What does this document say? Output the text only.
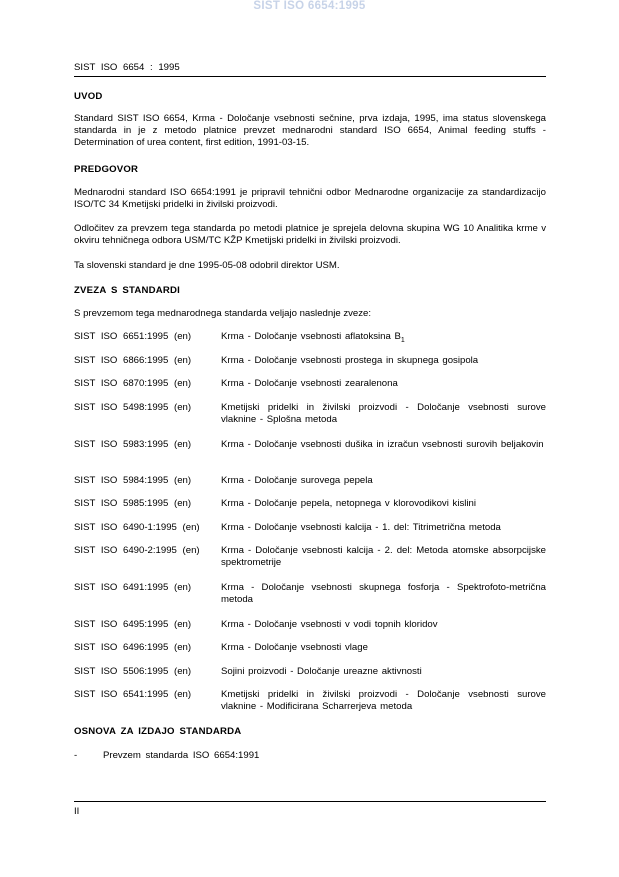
SIST ISO 6654:1995
SIST ISO 6654 : 1995
UVOD
Standard SIST ISO 6654, Krma - Določanje vsebnosti sečnine, prva izdaja, 1995, ima status slovenskega standarda in je z metodo platnice prevzet mednarodni standard ISO 6654, Animal feeding stuffs - Determination of urea content, first edition, 1991-03-15.
PREDGOVOR
Mednarodni standard ISO 6654:1991 je pripravil tehnični odbor Mednarodne organizacije za standardizacijo ISO/TC 34 Kmetijski pridelki in živilski proizvodi.
Odločitev za prevzem tega standarda po metodi platnice je sprejela delovna skupina WG 10 Analitika krme v okviru tehničnega odbora USM/TC KŽP Kmetijski pridelki in živilski proizvodi.
Ta slovenski standard je dne 1995-05-08 odobril direktor USM.
ZVEZA S STANDARDI
S prevzemom tega mednarodnega standarda veljajo naslednje zveze:
SIST ISO 6651:1995 (en)	Krma - Določanje vsebnosti aflatoksina $B_1$
SIST ISO 6866:1995 (en)	Krma - Določanje vsebnosti prostega in skupnega gosipola
SIST ISO 6870:1995 (en)	Krma - Določanje vsebnosti zearalenona
SIST ISO 5498:1995 (en)	Kmetijski pridelki in živilski proizvodi - Določanje vsebnosti surove vlaknine - Splošna metoda
SIST ISO 5983:1995 (en)	Krma - Določanje vsebnosti dušika in izračun vsebnosti surovih beljakovin
SIST ISO 5984:1995 (en)	Krma - Določanje surovega pepela
SIST ISO 5985:1995 (en)	Krma - Določanje pepela, netopnega v klorovodikovi kislini
SIST ISO 6490-1:1995 (en) Krma - Določanje vsebnosti kalcija - 1. del: Titrimetrična metoda
SIST ISO 6490-2:1995 (en) Krma - Določanje vsebnosti kalcija - 2. del: Metoda atomske absorpcijske spektrometrije
SIST ISO 6491:1995 (en)	Krma - Določanje vsebnosti skupnega fosforja - Spektrofoto-metrična metoda
SIST ISO 6495:1995 (en)	Krma - Določanje vsebnosti v vodi topnih kloridov
SIST ISO 6496:1995 (en)	Krma - Določanje vsebnosti vlage
SIST ISO 5506:1995 (en)	Sojini proizvodi - Določanje ureazne aktivnosti
SIST ISO 6541:1995 (en)	Kmetijski pridelki in živilski proizvodi - Določanje vsebnosti surove vlaknine - Modificirana Scharrerjeva metoda
OSNOVA ZA IZDAJO STANDARDA
-	Prevzem standarda ISO 6654:1991
II
